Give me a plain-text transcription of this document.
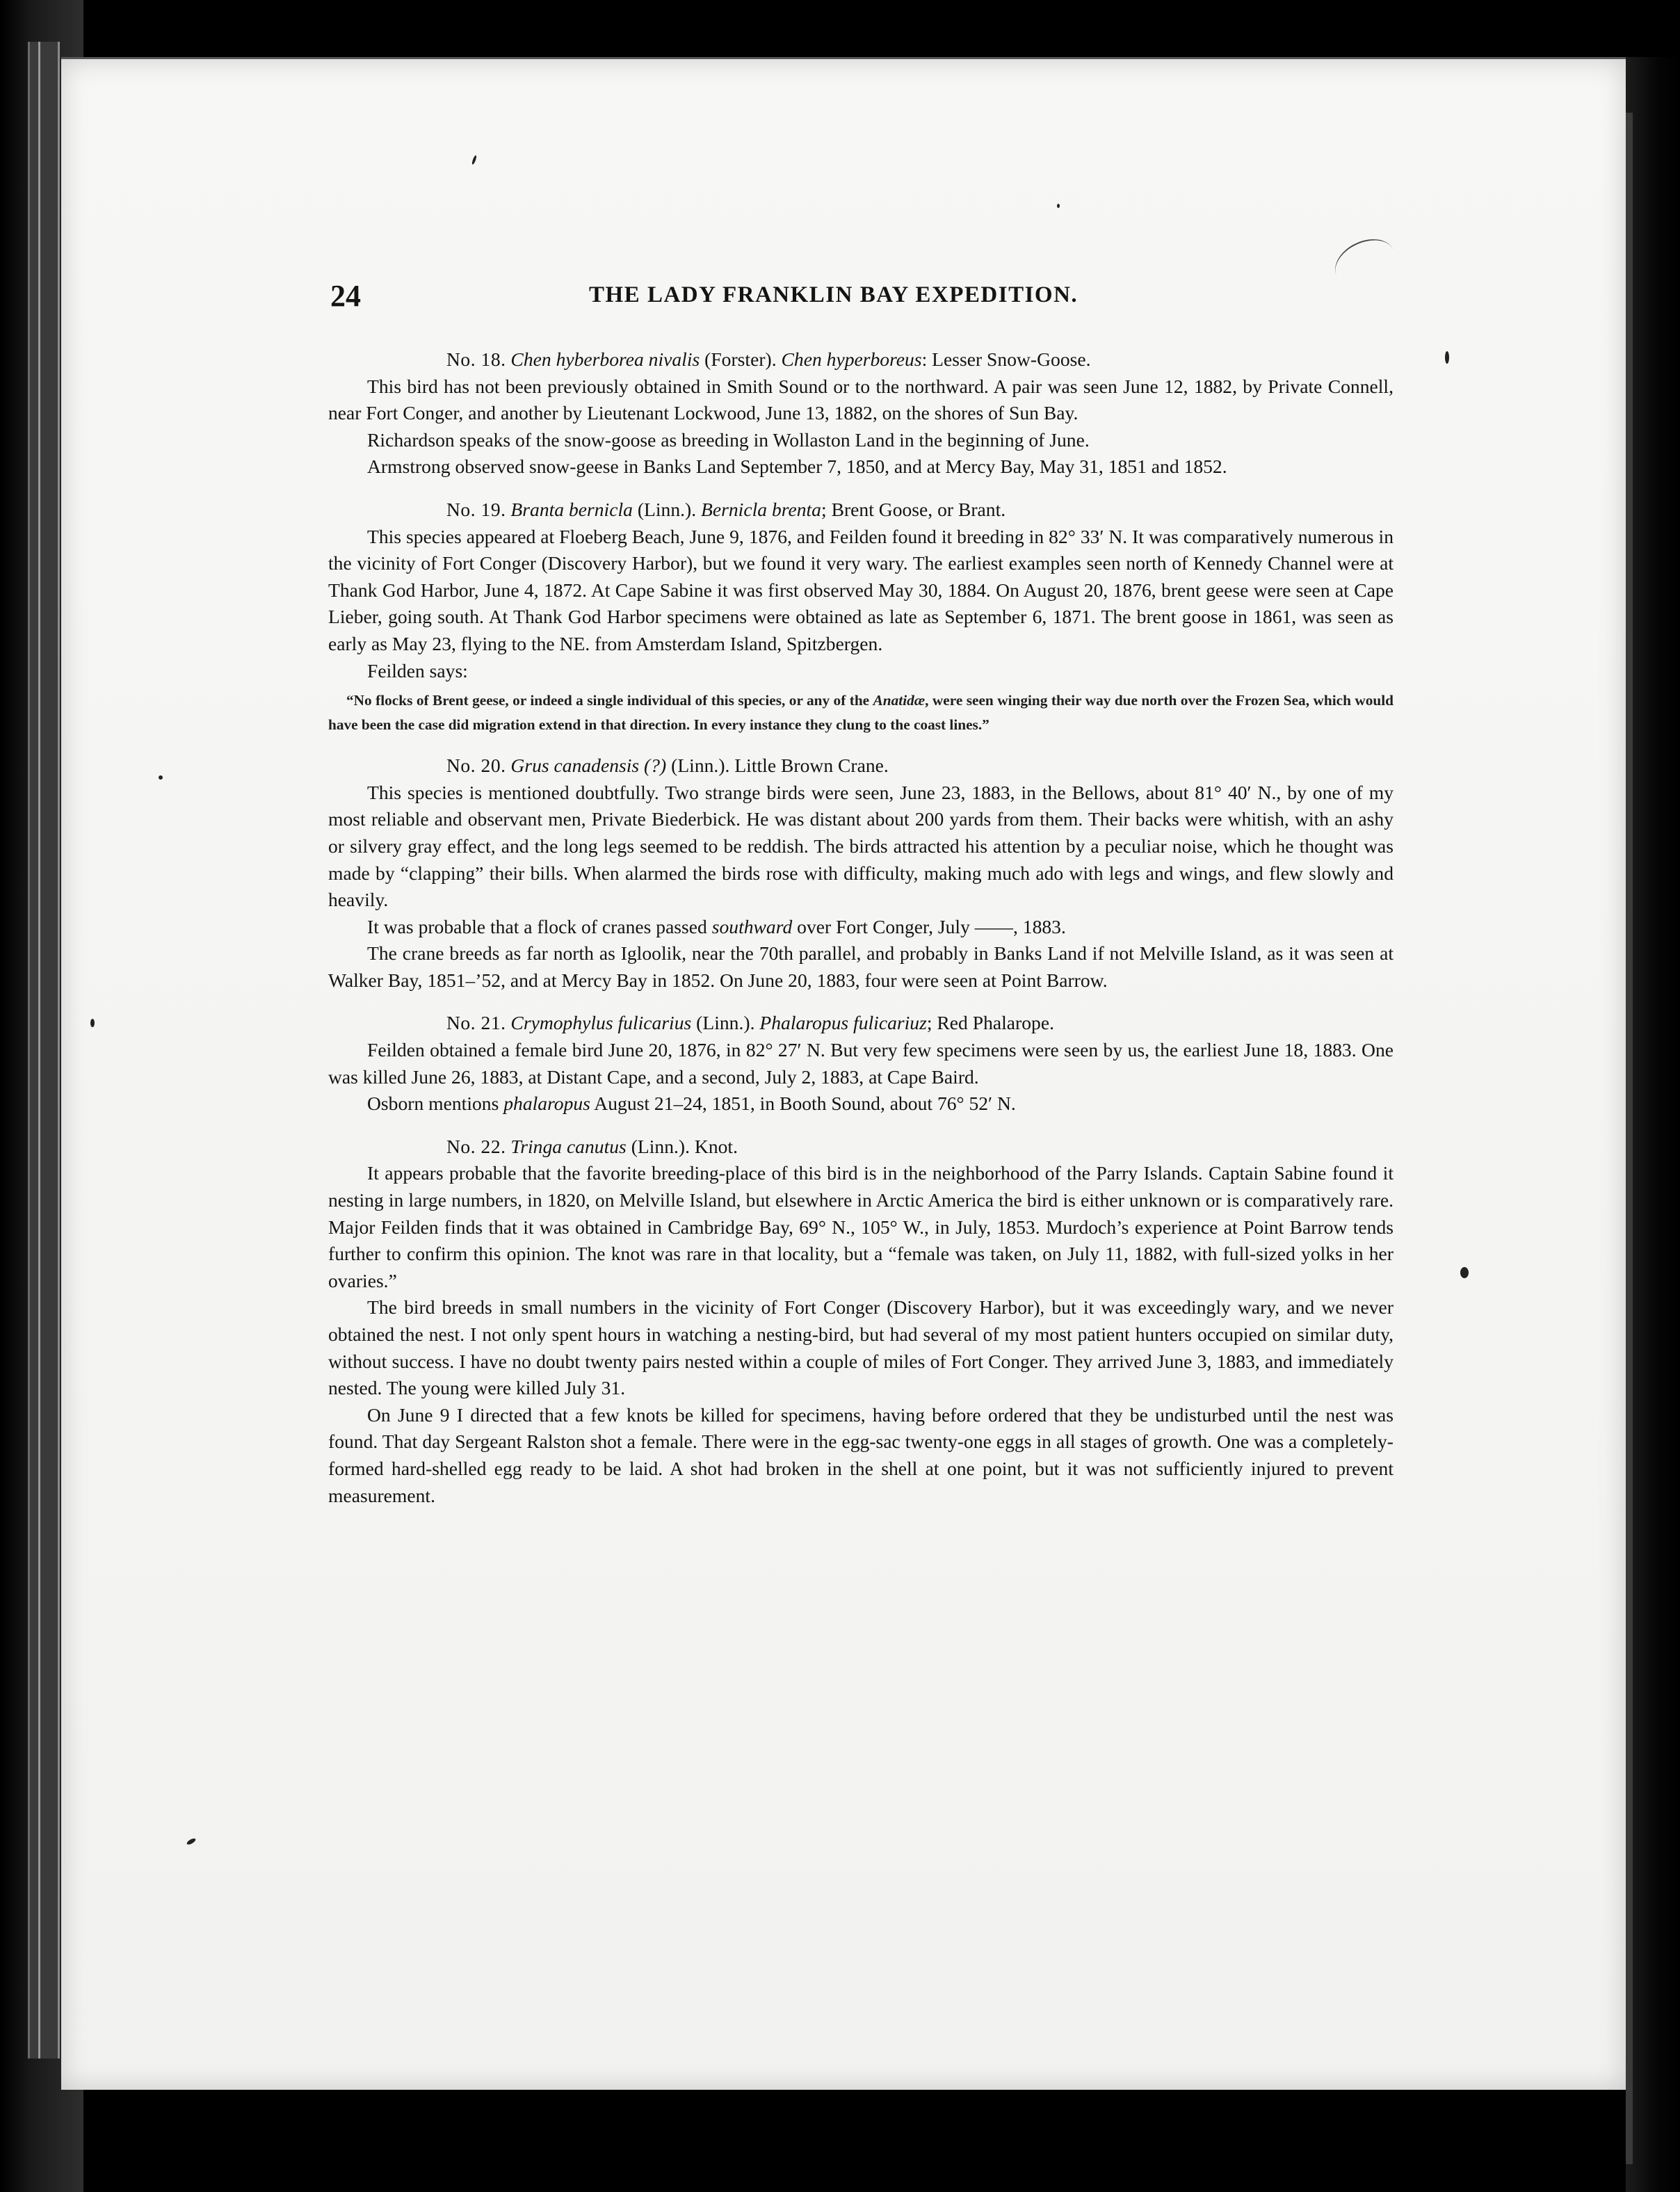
24	THE LADY FRANKLIN BAY EXPEDITION.
No. 18. Chen hyberborea nivalis (Forster). Chen hyperboreus: Lesser Snow-Goose.

This bird has not been previously obtained in Smith Sound or to the northward. A pair was seen June 12, 1882, by Private Connell, near Fort Conger, and another by Lieutenant Lockwood, June 13, 1882, on the shores of Sun Bay.

Richardson speaks of the snow-goose as breeding in Wollaston Land in the beginning of June.

Armstrong observed snow-geese in Banks Land September 7, 1850, and at Mercy Bay, May 31, 1851 and 1852.

No. 19. Branta bernicla (Linn.). Bernicla brenta; Brent Goose, or Brant.

This species appeared at Floeberg Beach, June 9, 1876, and Feilden found it breeding in 82° 33′ N. It was comparatively numerous in the vicinity of Fort Conger (Discovery Harbor), but we found it very wary. The earliest examples seen north of Kennedy Channel were at Thank God Harbor, June 4, 1872. At Cape Sabine it was first observed May 30, 1884. On August 20, 1876, brent geese were seen at Cape Lieber, going south. At Thank God Harbor specimens were obtained as late as September 6, 1871. The brent goose in 1861, was seen as early as May 23, flying to the NE. from Amsterdam Island, Spitzbergen.

Feilden says:

“No flocks of Brent geese, or indeed a single individual of this species, or any of the Anatidæ, were seen winging their way due north over the Frozen Sea, which would have been the case did migration extend in that direction. In every instance they clung to the coast lines.”

No. 20. Grus canadensis (?) (Linn.). Little Brown Crane.

This species is mentioned doubtfully. Two strange birds were seen, June 23, 1883, in the Bellows, about 81° 40′ N., by one of my most reliable and observant men, Private Biederbick. He was distant about 200 yards from them. Their backs were whitish, with an ashy or silvery gray effect, and the long legs seemed to be reddish. The birds attracted his attention by a peculiar noise, which he thought was made by “clapping” their bills. When alarmed the birds rose with difficulty, making much ado with legs and wings, and flew slowly and heavily.

It was probable that a flock of cranes passed southward over Fort Conger, July ——, 1883.

The crane breeds as far north as Igloolik, near the 70th parallel, and probably in Banks Land if not Melville Island, as it was seen at Walker Bay, 1851–’52, and at Mercy Bay in 1852. On June 20, 1883, four were seen at Point Barrow.

No. 21. Crymophylus fulicarius (Linn.). Phalaropus fulicariuz; Red Phalarope.

Feilden obtained a female bird June 20, 1876, in 82° 27′ N. But very few specimens were seen by us, the earliest June 18, 1883. One was killed June 26, 1883, at Distant Cape, and a second, July 2, 1883, at Cape Baird.

Osborn mentions phalaropus August 21–24, 1851, in Booth Sound, about 76° 52′ N.

No. 22. Tringa canutus (Linn.). Knot.

It appears probable that the favorite breeding-place of this bird is in the neighborhood of the Parry Islands. Captain Sabine found it nesting in large numbers, in 1820, on Melville Island, but elsewhere in Arctic America the bird is either unknown or is comparatively rare. Major Feilden finds that it was obtained in Cambridge Bay, 69° N., 105° W., in July, 1853. Murdoch’s experience at Point Barrow tends further to confirm this opinion. The knot was rare in that locality, but a “female was taken, on July 11, 1882, with full-sized yolks in her ovaries.”

The bird breeds in small numbers in the vicinity of Fort Conger (Discovery Harbor), but it was exceedingly wary, and we never obtained the nest. I not only spent hours in watching a nesting-bird, but had several of my most patient hunters occupied on similar duty, without success. I have no doubt twenty pairs nested within a couple of miles of Fort Conger. They arrived June 3, 1883, and immediately nested. The young were killed July 31.

On June 9 I directed that a few knots be killed for specimens, having before ordered that they be undisturbed until the nest was found. That day Sergeant Ralston shot a female. There were in the egg-sac twenty-one eggs in all stages of growth. One was a completely-formed hard-shelled egg ready to be laid. A shot had broken in the shell at one point, but it was not sufficiently injured to prevent measurement.
